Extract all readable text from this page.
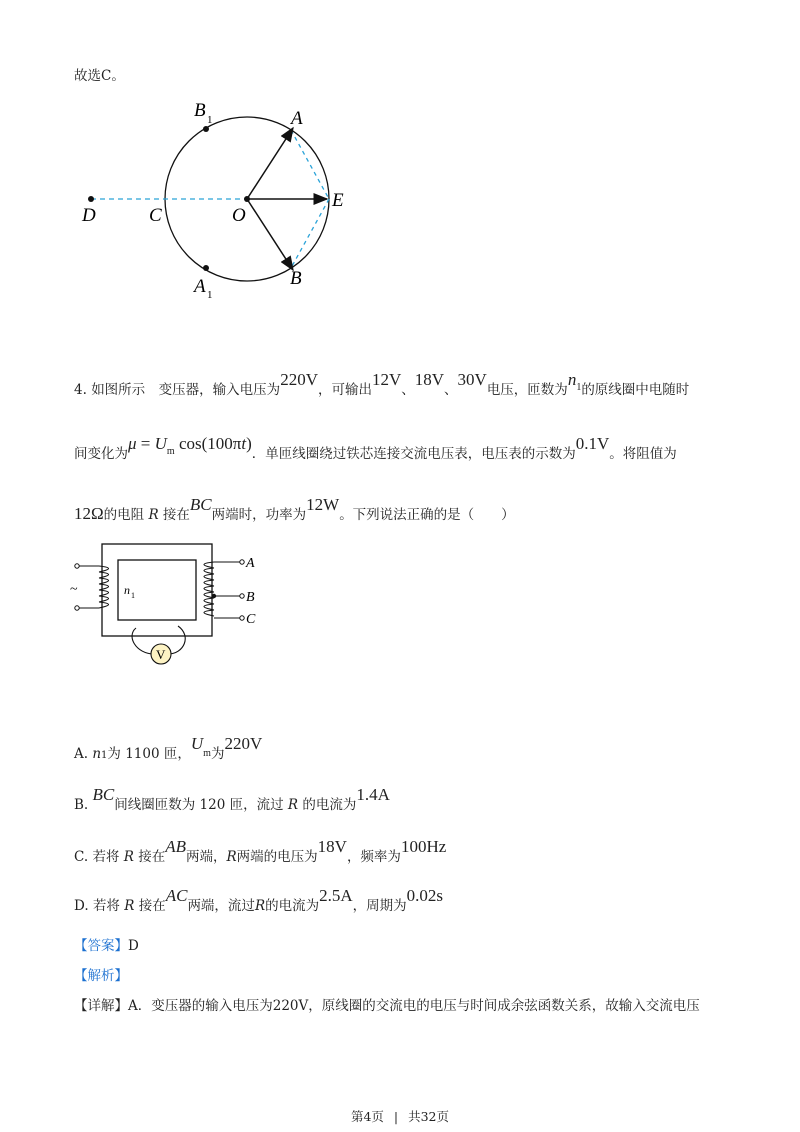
故选C。
B 1	A
D	C	O
E
A 1
B
4. 如图所示　变压器，输入电压为220V，可输出12V、18V、30V电压，匝数为$n^1$的原线圈中电随时
间变化为$\mu = U^m$ cos(100πt)．单匝线圈绕过铁芯连接交流电压表，电压表的示数为0.1V。将阻值为
12Ω的电阻 R 接在BC两端时，功率为12W。下列说法正确的是（　　）
V
~	n 1
A
B
C
A. n1为 1100 匝，Um为220V
B. BC间线圈匝数为 120 匝，流过 R 的电流为1.4A
C. 若将 R 接在AB两端，R两端的电压为18V，频率为100Hz
D. 若将 R 接在AC两端，流过R的电流为2.5A，周期为0.02s
【答案】D
【解析】
【详解】A．变压器的输入电压为220V，原线圈的交流电的电压与时间成余弦函数关系，故输入交流电压
第4页 | 共32页
